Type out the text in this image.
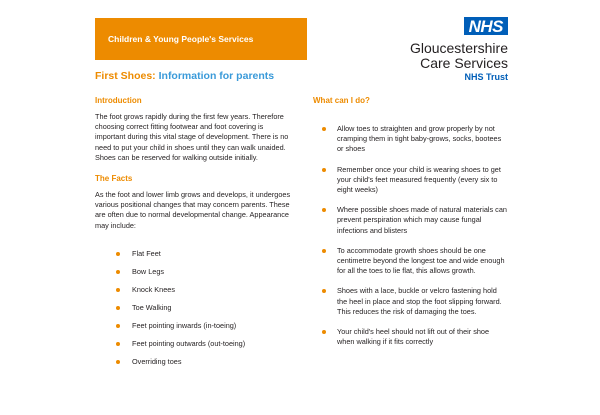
Children & Young People's Services
NHS
Gloucestershire
Care Services
NHS Trust
First Shoes: Information for parents
Introduction

The foot grows rapidly during the first few years. Therefore choosing correct fitting footwear and foot covering is important during this vital stage of development. There is no need to put your child in shoes until they can walk unaided. Shoes can be reserved for walking outside initially.

The Facts

As the foot and lower limb grows and develops, it undergoes various positional changes that may concern parents. These are often due to normal developmental change. Appearance may include:

Flat Feet
Bow Legs
Knock Knees
Toe Walking
Feet pointing inwards (in-toeing)
Feet pointing outwards (out-toeing)
Overriding toes
What can I do?
Allow toes to straighten and grow properly by not cramping them in tight baby-grows, socks, bootees or shoes
Remember once your child is wearing shoes to get your child's feet measured frequently (every six to eight weeks)
Where possible shoes made of natural materials can prevent perspiration which may cause fungal infections and blisters
To accommodate growth shoes should be one centimetre beyond the longest toe and wide enough for all the toes to lie flat, this allows growth.
Shoes with a lace, buckle or velcro fastening hold the heel in place and stop the foot slipping forward. This reduces the risk of damaging the toes.
Your child's heel should not lift out of their shoe when walking if it fits correctly
